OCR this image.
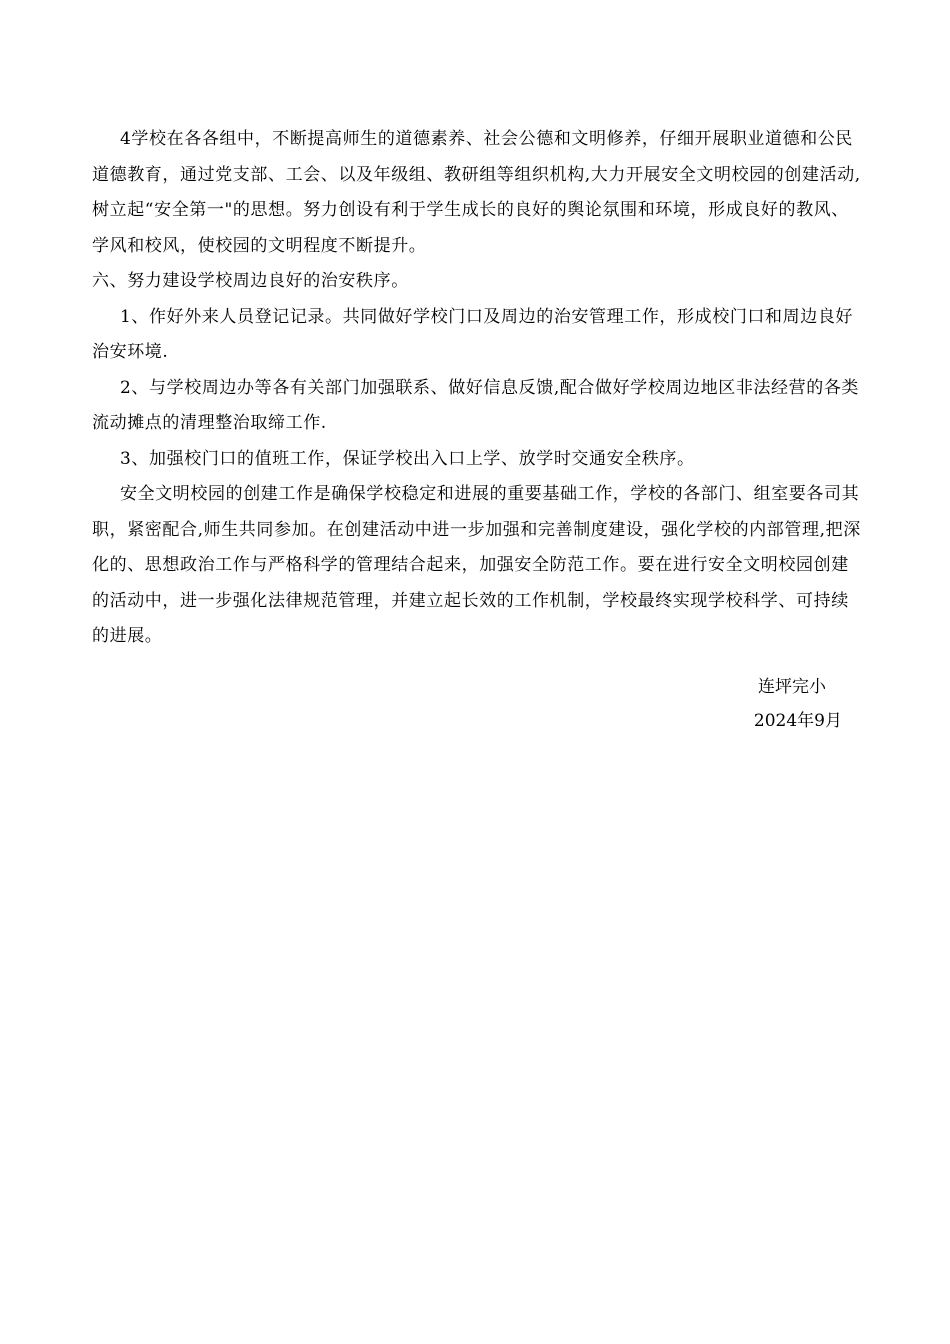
4学校在各各组中，不断提高师生的道德素养、社会公德和文明修养，仔细开展职业道德和公民道德教育，通过党支部、工会、以及年级组、教研组等组织机构,大力开展安全文明校园的创建活动,树立起“安全第一"的思想。努力创设有利于学生成长的良好的舆论氛围和环境，形成良好的教风、学风和校风，使校园的文明程度不断提升。

六、努力建设学校周边良好的治安秩序。

1、作好外来人员登记记录。共同做好学校门口及周边的治安管理工作，形成校门口和周边良好治安环境.

2、与学校周边办等各有关部门加强联系、做好信息反馈,配合做好学校周边地区非法经营的各类流动摊点的清理整治取缔工作.

3、加强校门口的值班工作，保证学校出入口上学、放学时交通安全秩序。

安全文明校园的创建工作是确保学校稳定和进展的重要基础工作，学校的各部门、组室要各司其职，紧密配合,师生共同参加。在创建活动中进一步加强和完善制度建设，强化学校的内部管理,把深化的、思想政治工作与严格科学的管理结合起来，加强安全防范工作。要在进行安全文明校园创建的活动中，进一步强化法律规范管理，并建立起长效的工作机制，学校最终实现学校科学、可持续的进展。

连坪完小
2024年9月
